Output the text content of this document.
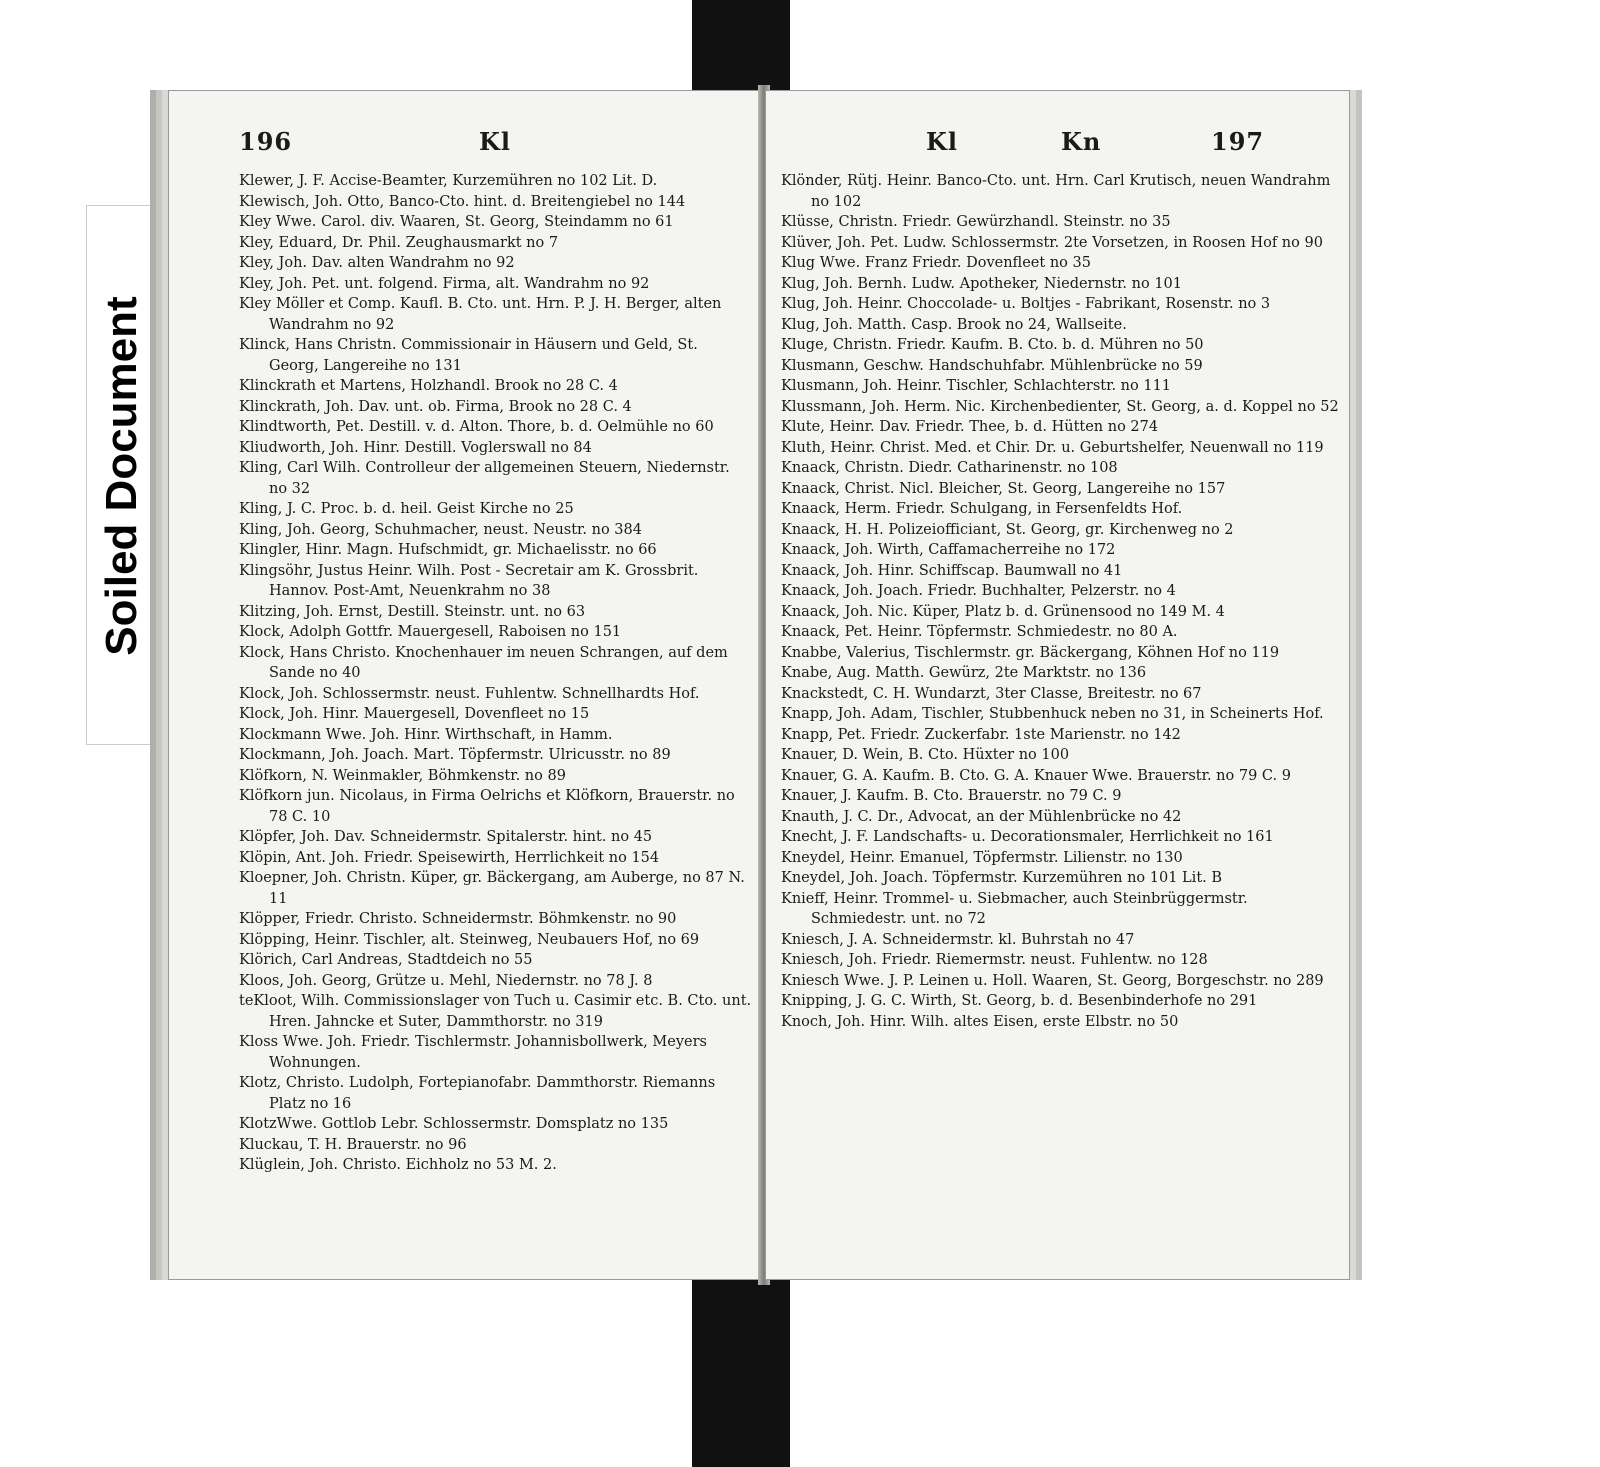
Soiled Document
196	Kl

Klewer, J. F. Accise-Beamter, Kurzemühren no 102 Lit. D.

Klewisch, Joh. Otto, Banco-Cto. hint. d. Breitengiebel no 144

Kley Wwe. Carol. div. Waaren, St. Georg, Steindamm no 61

Kley, Eduard, Dr. Phil. Zeughausmarkt no 7

Kley, Joh. Dav. alten Wandrahm no 92

Kley, Joh. Pet. unt. folgend. Firma, alt. Wandrahm no 92

Kley Möller et Comp. Kaufl. B. Cto. unt. Hrn. P. J. H. Berger, alten Wandrahm no 92

Klinck, Hans Christn. Commissionair in Häusern und Geld, St. Georg, Langereihe no 131

Klinckrath et Martens, Holzhandl. Brook no 28 C. 4

Klinckrath, Joh. Dav. unt. ob. Firma, Brook no 28 C. 4

Klindtworth, Pet. Destill. v. d. Alton. Thore, b. d. Oelmühle no 60

Kliudworth, Joh. Hinr. Destill. Voglerswall no 84

Kling, Carl Wilh. Controlleur der allgemeinen Steuern, Niedernstr. no 32

Kling, J. C. Proc. b. d. heil. Geist Kirche no 25

Kling, Joh. Georg, Schuhmacher, neust. Neustr. no 384

Klingler, Hinr. Magn. Hufschmidt, gr. Michaelisstr. no 66

Klingsöhr, Justus Heinr. Wilh. Post - Secretair am K. Grossbrit. Hannov. Post-Amt, Neuenkrahm no 38

Klitzing, Joh. Ernst, Destill. Steinstr. unt. no 63

Klock, Adolph Gottfr. Mauergesell, Raboisen no 151

Klock, Hans Christo. Knochenhauer im neuen Schrangen, auf dem Sande no 40

Klock, Joh. Schlossermstr. neust. Fuhlentw. Schnellhardts Hof.

Klock, Joh. Hinr. Mauergesell, Dovenfleet no 15

Klockmann Wwe. Joh. Hinr. Wirthschaft, in Hamm.

Klockmann, Joh. Joach. Mart. Töpfermstr. Ulricusstr. no 89

Klöfkorn, N. Weinmakler, Böhmkenstr. no 89

Klöfkorn jun. Nicolaus, in Firma Oelrichs et Klöfkorn, Brauerstr. no 78 C. 10

Klöpfer, Joh. Dav. Schneidermstr. Spitalerstr. hint. no 45

Klöpin, Ant. Joh. Friedr. Speisewirth, Herrlichkeit no 154

Kloepner, Joh. Christn. Küper, gr. Bäckergang, am Auberge, no 87 N. 11

Klöpper, Friedr. Christo. Schneidermstr. Böhmkenstr. no 90

Klöpping, Heinr. Tischler, alt. Steinweg, Neubauers Hof, no 69

Klörich, Carl Andreas, Stadtdeich no 55

Kloos, Joh. Georg, Grütze u. Mehl, Niedernstr. no 78 J. 8

teKloot, Wilh. Commissionslager von Tuch u. Casimir etc. B. Cto. unt. Hren. Jahncke et Suter, Dammthorstr. no 319

Kloss Wwe. Joh. Friedr. Tischlermstr. Johannisbollwerk, Meyers Wohnungen.

Klotz, Christo. Ludolph, Fortepianofabr. Dammthorstr. Riemanns Platz no 16

KlotzWwe. Gottlob Lebr. Schlossermstr. Domsplatz no 135

Kluckau, T. H. Brauerstr. no 96

Klüglein, Joh. Christo. Eichholz no 53 M. 2.

Kl	Kn	197

Klönder, Rütj. Heinr. Banco-Cto. unt. Hrn. Carl Krutisch, neuen Wandrahm no 102

Klüsse, Christn. Friedr. Gewürzhandl. Steinstr. no 35

Klüver, Joh. Pet. Ludw. Schlossermstr. 2te Vorsetzen, in Roosen Hof no 90

Klug Wwe. Franz Friedr. Dovenfleet no 35

Klug, Joh. Bernh. Ludw. Apotheker, Niedernstr. no 101

Klug, Joh. Heinr. Choccolade- u. Boltjes - Fabrikant, Rosenstr. no 3

Klug, Joh. Matth. Casp. Brook no 24, Wallseite.

Kluge, Christn. Friedr. Kaufm. B. Cto. b. d. Mühren no 50

Klusmann, Geschw. Handschuhfabr. Mühlenbrücke no 59

Klusmann, Joh. Heinr. Tischler, Schlachterstr. no 111

Klussmann, Joh. Herm. Nic. Kirchenbedienter, St. Georg, a. d. Koppel no 52

Klute, Heinr. Dav. Friedr. Thee, b. d. Hütten no 274

Kluth, Heinr. Christ. Med. et Chir. Dr. u. Geburtshelfer, Neuenwall no 119

Knaack, Christn. Diedr. Catharinenstr. no 108

Knaack, Christ. Nicl. Bleicher, St. Georg, Langereihe no 157

Knaack, Herm. Friedr. Schulgang, in Fersenfeldts Hof.

Knaack, H. H. Polizeiofficiant, St. Georg, gr. Kirchenweg no 2

Knaack, Joh. Wirth, Caffamacherreihe no 172

Knaack, Joh. Hinr. Schiffscap. Baumwall no 41

Knaack, Joh. Joach. Friedr. Buchhalter, Pelzerstr. no 4

Knaack, Joh. Nic. Küper, Platz b. d. Grünensood no 149 M. 4

Knaack, Pet. Heinr. Töpfermstr. Schmiedestr. no 80 A.

Knabbe, Valerius, Tischlermstr. gr. Bäckergang, Köhnen Hof no 119

Knabe, Aug. Matth. Gewürz, 2te Marktstr. no 136

Knackstedt, C. H. Wundarzt, 3ter Classe, Breitestr. no 67

Knapp, Joh. Adam, Tischler, Stubbenhuck neben no 31, in Scheinerts Hof.

Knapp, Pet. Friedr. Zuckerfabr. 1ste Marienstr. no 142

Knauer, D. Wein, B. Cto. Hüxter no 100

Knauer, G. A. Kaufm. B. Cto. G. A. Knauer Wwe. Brauerstr. no 79 C. 9

Knauer, J. Kaufm. B. Cto. Brauerstr. no 79 C. 9

Knauth, J. C. Dr., Advocat, an der Mühlenbrücke no 42

Knecht, J. F. Landschafts- u. Decorationsmaler, Herrlichkeit no 161

Kneydel, Heinr. Emanuel, Töpfermstr. Lilienstr. no 130

Kneydel, Joh. Joach. Töpfermstr. Kurzemühren no 101 Lit. B

Knieff, Heinr. Trommel- u. Siebmacher, auch Steinbrüggermstr. Schmiedestr. unt. no 72

Kniesch, J. A. Schneidermstr. kl. Buhrstah no 47

Kniesch, Joh. Friedr. Riemermstr. neust. Fuhlentw. no 128

Kniesch Wwe. J. P. Leinen u. Holl. Waaren, St. Georg, Borgeschstr. no 289

Knipping, J. G. C. Wirth, St. Georg, b. d. Besenbinderhofe no 291

Knoch, Joh. Hinr. Wilh. altes Eisen, erste Elbstr. no 50
